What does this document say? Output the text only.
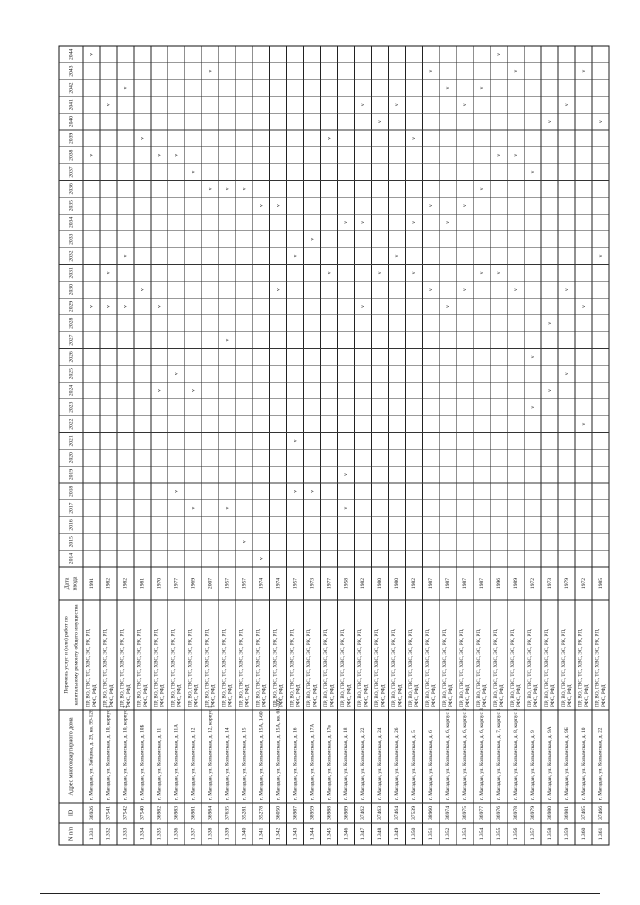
N п/п
ID
Адрес многоквартирного дома
Перечень услуг и (или) работ по капитальному ремонту общего имущества
Дата ввода
2014
2015
2016
2017
2018
2019
2020
2021
2022
2023
2024
2025
2026
2027
2028
2029
2030
2031
2032
2033
2034
2035
2036
2037
2038
2039
2040
2041
2042
2043
2044
1.331
36926
г. Магадан, ул. Зайцева, д. 29, кв. 99-128
ПР, ВО, ГВС, ТС, ХВС, ЭС, РК, РП, РФС, РФД
1991
v
v
v
1.332
37541
г. Магадан, ул. Колымская, д. 10, корпус 1
ПР, ВО, ГВС, ТС, ХВС, ЭС, РК, РП, РФС, РФД
1982
v
v
v
1.333
37542
г. Магадан, ул. Колымская, д. 10, корпус 2
ПР, ВО, ГВС, ТС, ХВС, ЭС, РК, РП, РФС, РФД
1982
v
v
v
1.334
37540
г. Магадан, ул. Колымская, д. 10Б
ПР, ВО, ГВС, ТС, ХВС, ЭС, РК, РП, РФС, РФД
1981
v
v
1.335
36982
г. Магадан, ул. Колымская, д. 11
ПР, ВО, ГВС, ТС, ХВС, ЭС, РК, РП, РФС, РФД
1970
v
v
v
1.336
36983
г. Магадан, ул. Колымская, д. 11А
ПР, ВО, ГВС, ТС, ХВС, ЭС, РК, РП, РФС, РФД
1977
v
v
v
1.337
36981
г. Магадан, ул. Колымская, д. 12
ПР, ВО, ГВС, ТС, ХВС, ЭС, РК, РП, РФС, РФД
1969
v
v
v
1.338
36984
г. Магадан, ул. Колымская, д. 12, корпус 1
ПР, ВО, ГВС, ТС, ХВС, ЭС, РК, РП, РФС, РФД
2007
v
v
1.339
37635
г. Магадан, ул. Колымская, д. 14
ПР, ВО, ГВС, ТС, ХВС, ЭС, РК, РП, РФС, РФД
1957
v
v
v
1.340
35281
г. Магадан, ул. Колымская, д. 15
ПР, ВО, ГВС, ТС, ХВС, ЭС, РК, РП, РФС, РФД
1957
v
v
1.341
35278
г. Магадан, ул. Колымская, д. 15А, 1-60
ПР, ВО, ГВС, ТС, ХВС, ЭС, РК, РП, РФС, РФД
1974
v
v
1.342
36050
г. Магадан, ул. Колымская, д. 15А, кв. 61-105
ПР, ВО, ГВС, ТС, ХВС, ЭС, РК, РП, РФС, РФД
1974
v
v
1.343
36987
г. Магадан, ул. Колымская, д. 16
ПР, ВО, ГВС, ТС, ХВС, ЭС, РК, РП, РФС, РФД
1957
v
v
v
1.344
38959
г. Магадан, ул. Колымская, д. 17А
ПР, ВО, ГВС, ТС, ХВС, ЭС, РК, РП, РФС, РФД
1973
v
v
1.345
36988
г. Магадан, ул. Колымская, д. 17в
ПР, ВО, ГВС, ТС, ХВС, ЭС, РК, РП, РФС, РФД
1977
v
v
1.346
36989
г. Магадан, ул. Колымская, д. 18
ПР, ВО, ГВС, ТС, ХВС, ЭС, РК, РП, РФС, РФД
1958
v
v
v
1.347
37462
г. Магадан, ул. Колымская, д. 22
ПР, ВО, ГВС, ТС, ХВС, ЭС, РК, РП, РФС, РФД
1982
v
v
v
1.348
37463
г. Магадан, ул. Колымская, д. 24
ПР, ВО, ГВС, ТС, ХВС, ЭС, РК, РП, РФС, РФД
1980
v
v
1.349
37464
г. Магадан, ул. Колымская, д. 26
ПР, ВО, ГВС, ТС, ХВС, ЭС, РК, РП, РФС, РФД
1980
v
v
1.350
37539
г. Магадан, ул. Колымская, д. 5
ПР, ВО, ГВС, ТС, ХВС, ЭС, РК, РП, РФС, РФД
1982
v
v
v
1.351
38960
г. Магадан, ул. Колымская, д. 6
ПР, ВО, ГВС, ТС, ХВС, ЭС, РК, РП, РФС, РФД
1987
v
v
v
1.352
36974
г. Магадан, ул. Колымская, д. 6, корпус 1
ПР, ВО, ГВС, ТС, ХВС, ЭС, РК, РП, РФС, РФД
1987
v
v
v
1.353
36975
г. Магадан, ул. Колымская, д. 6, корпус 2
ПР, ВО, ГВС, ТС, ХВС, ЭС, РК, РП, РФС, РФД
1987
v
v
v
1.354
36977
г. Магадан, ул. Колымская, д. 6, корпус 3
ПР, ВО, ГВС, ТС, ХВС, ЭС, РК, РП, РФС, РФД
1987
v
v
v
1.355
36976
г. Магадан, ул. Колымская, д. 7, корпус 1
ПР, ВО, ГВС, ТС, ХВС, ЭС, РК, РП, РФС, РФД
1996
v
v
v
1.356
36978
г. Магадан, ул. Колымская, д. 8, корпус 1
ПР, ВО, ГВС, ТС, ХВС, ЭС, РК, РП, РФС, РФД
1989
v
v
v
1.357
36979
г. Магадан, ул. Колымская, д. 9
ПР, ВО, ГВС, ТС, ХВС, ЭС, РК, РП, РФС, РФД
1972
v
v
v
1.358
36980
г. Магадан, ул. Колымская, д. 9А
ПР, ВО, ГВС, ТС, ХВС, ЭС, РК, РП, РФС, РФД
1973
v
v
v
1.359
36981
г. Магадан, ул. Колымская, д. 9Б
ПР, ВО, ГВС, ТС, ХВС, ЭС, РК, РП, РФС, РФД
1979
v
v
v
1.360
37465
г. Магадан, ул. Колымская, д. 10
ПР, ВО, ГВС, ТС, ХВС, ЭС, РК, РП, РФС, РФД
1972
v
v
v
1.361
37466
г. Магадан, ул. Колымская, д. 22
ПР, ВО, ГВС, ТС, ХВС, ЭС, РК, РП, РФС, РФД
1985
v
v
